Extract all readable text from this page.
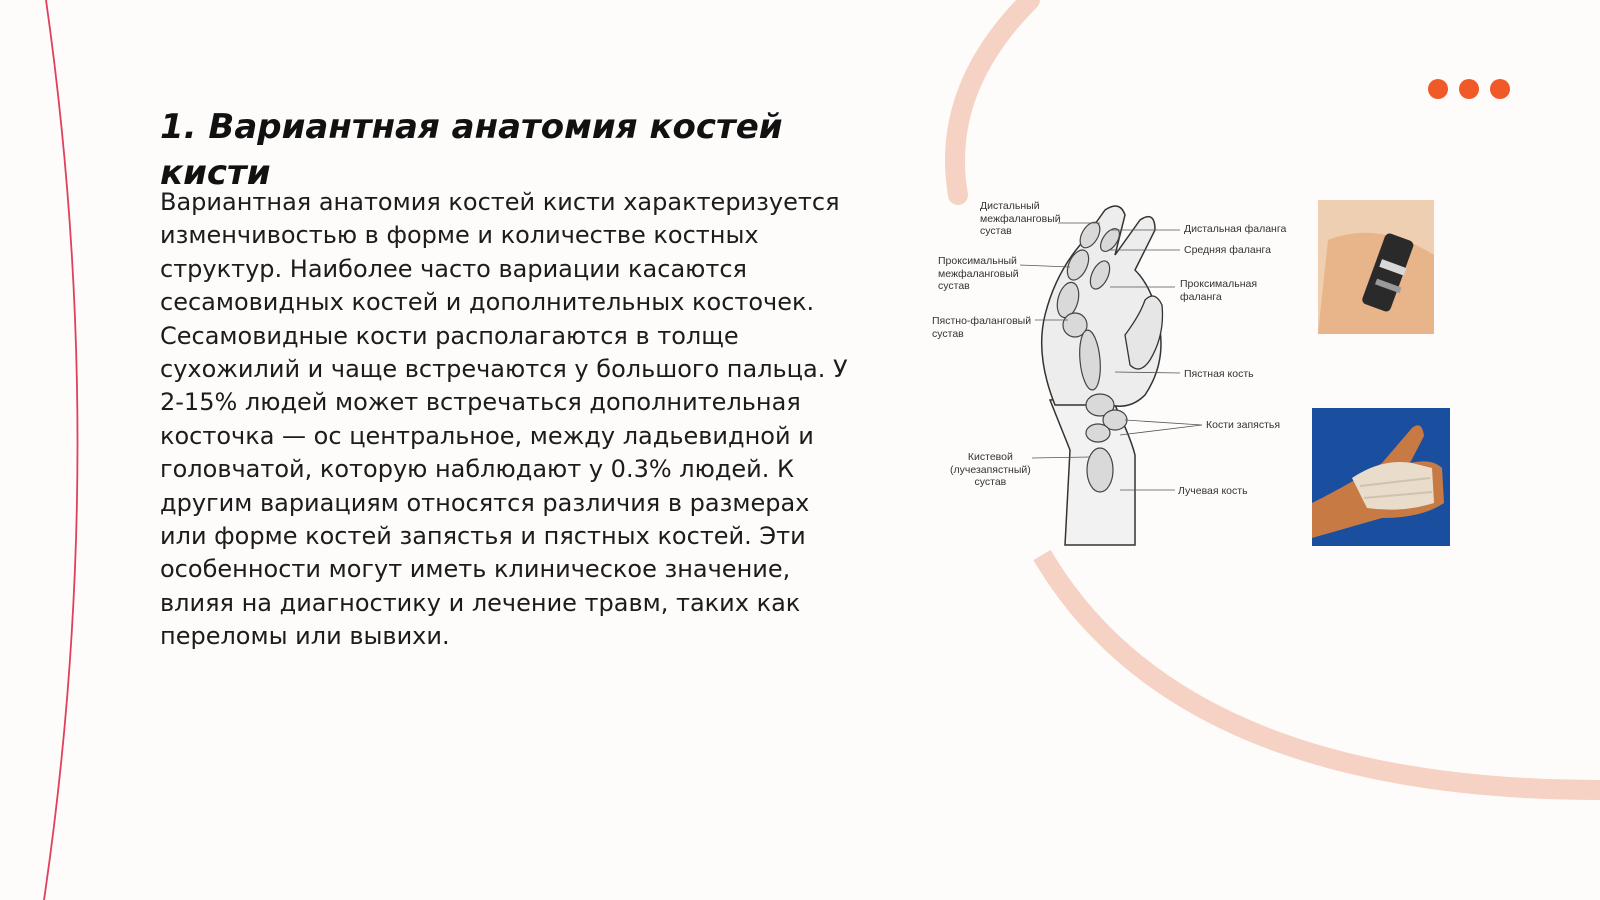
1. Вариантная анатомия костей кисти

Вариантная анатомия костей кисти характеризуется изменчивостью в форме и количестве костных структур. Наиболее часто вариации касаются сесамовидных костей и дополнительных косточек. Сесамовидные кости располагаются в толще сухожилий и чаще встречаются у большого пальца. У 2-15% людей может встречаться дополнительная косточка — ос центральное, между ладьевидной и головчатой, которую наблюдают у 0.3% людей. К другим вариациям относятся различия в размерах или форме костей запястья и пястных костей. Эти особенности могут иметь клиническое значение, влияя на диагностику и лечение травм, таких как переломы или вывихи.

Дистальный
межфаланговый
сустав
Проксимальный
межфаланговый
сустав
Пястно-фаланговый
сустав
Кистевой
(лучезапястный)
сустав
Дистальная фаланга
Средняя фаланга
Проксимальная
фаланга
Пястная кость
Кости запястья
Лучевая кость
